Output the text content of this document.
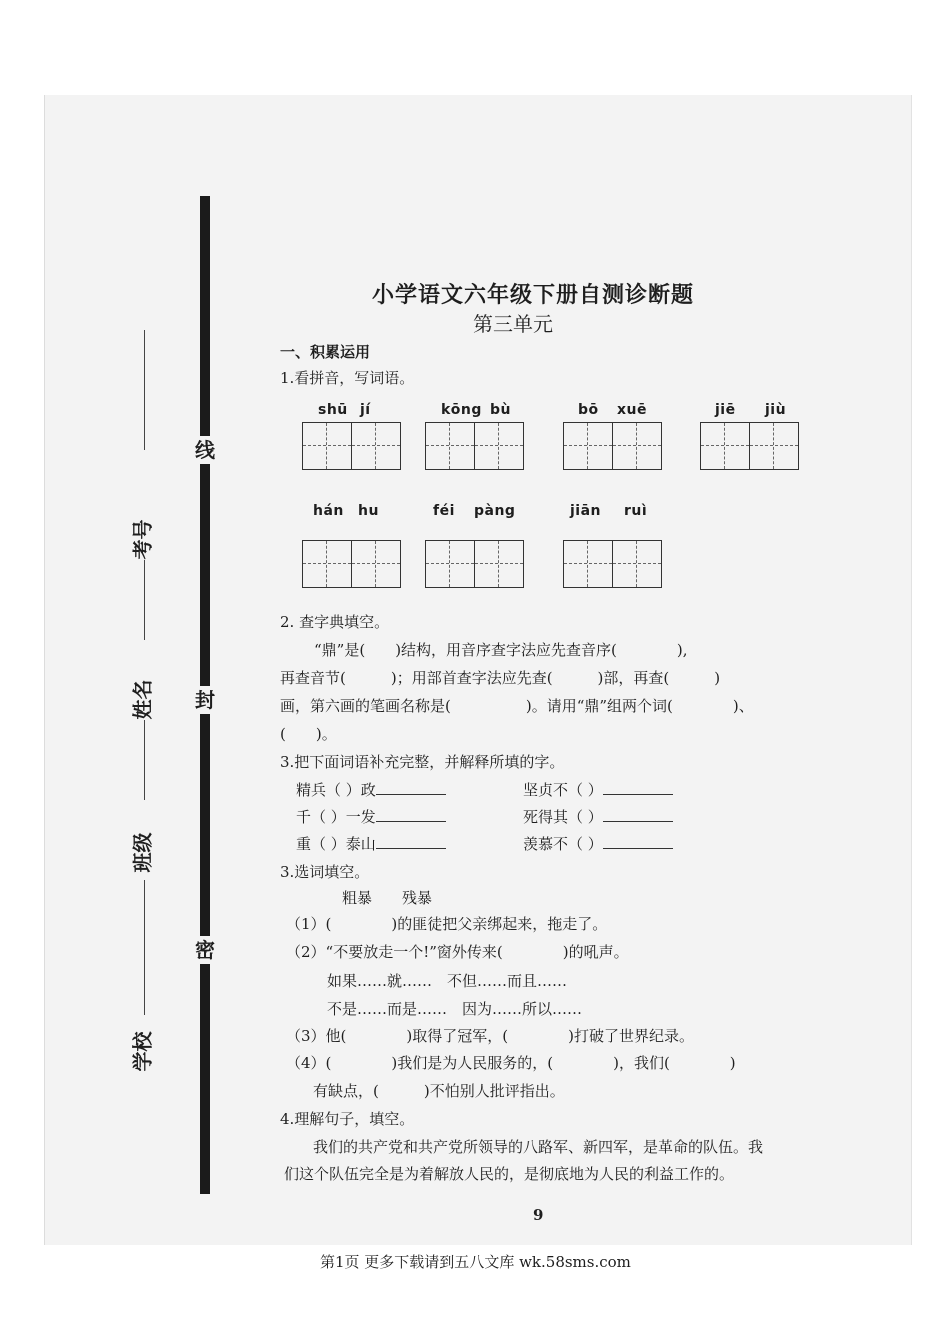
线
封
密
考号
姓名
班级
学校
小学语文六年级下册自测诊断题
第三单元
一、积累运用
1.看拼音，写词语。
shū jí	kōng bù	bō xuē	jiē jiù
hán hu	féi pàng	jiān ruì
2. 查字典填空。
“鼎”是(　　)结构，用音序查字法应先查音序(　　　　),
再查音节(　　　)；用部首查字法应先查(　　　)部，再查(　　　)
画，第六画的笔画名称是(　　　　　)。请用“鼎”组两个词(　　　　)、
(　　)。
3.把下面词语补充完整，并解释所填的字。
精兵（ ）政	坚贞不（ ）
千（ ）一发	死得其（ ）
重（ ）泰山	羡慕不（ ）
3.选词填空。
粗暴　　残暴
（1）(　　　　)的匪徒把父亲绑起来，拖走了。
（2）“不要放走一个!”窗外传来(　　　　)的吼声。
如果……就……　不但……而且……
不是……而是……　因为……所以……
（3）他(　　　　)取得了冠军，(　　　　)打破了世界纪录。
（4）(　　　　)我们是为人民服务的，(　　　　)，我们(　　　　)
有缺点，(　　　)不怕别人批评指出。
4.理解句子，填空。
我们的共产党和共产党所领导的八路军、新四军，是革命的队伍。我
们这个队伍完全是为着解放人民的，是彻底地为人民的利益工作的。
9
第1页 更多下载请到五八文库 wk.58sms.com
